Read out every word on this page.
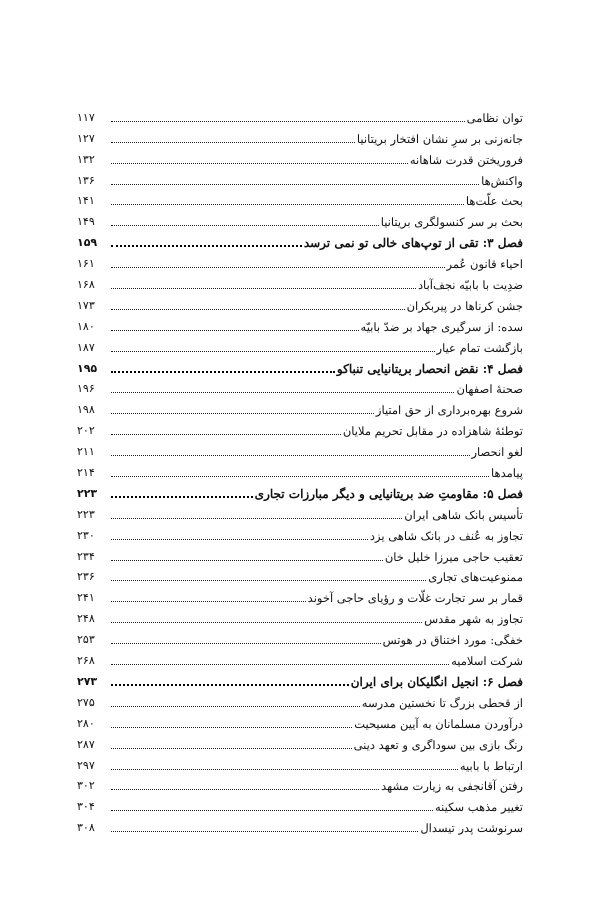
توان نظامی
۱۱۷
جانه‌زنی بر سرِ نشان افتخار بریتانیا
۱۲۷
فروریختن قدرت شاهانه
۱۳۲
واکنش‌ها
۱۳۶
بحث علّت‌ها
۱۴۱
بحث بر سر کنسولگری بریتانیا
۱۴۹
فصل ۳: تقی از توپ‌های خالی تو نمی ترسد
۱۵۹
احیاء قانون عُمر
۱۶۱
ضدِیت با بابیّه نجف‌آباد
۱۶۸
جشن کرناها در پیربکران
۱۷۳
سده: از سرگیری جهاد بر ضدّ بابیّه
۱۸۰
بازگشت تمام عیار
۱۸۷
فصل ۴: نقض انحصار بریتانیایی تنباکو
۱۹۵
صحنهٔ اصفهان
۱۹۶
شروع بهره‌برداری از حق امتیاز
۱۹۸
توطئهٔ شاهزاده در مقابل تحریم ملایان
۲۰۲
لغو انحصار
۲۱۱
پیامدها
۲۱۴
فصل ۵: مقاومتِ ضد بریتانیایی و دیگر مبارزات تجاری
۲۲۳
تأسیس بانک شاهی ایران
۲۲۳
تجاوز به عُنف در بانک شاهی یزد
۲۳۰
تعقیب حاجی میرزا خلیل خان
۲۳۴
ممنوعیت‌های تجاری
۲۳۶
قمار بر سر تجارت غلّات و رؤیای حاجی آخوند
۲۴۱
تجاوز به شهر مقدس
۲۴۸
خفگی: مورد اختناق در هوتس
۲۵۳
شرکت اسلامیه
۲۶۸
فصل ۶: انجیل انگلیکان برای ایران
۲۷۳
از قحطی بزرگ تا نخستین مدرسه
۲۷۵
درآوردن مسلمانان به آیین مسیحیت
۲۸۰
رنگ بازی بین سوداگری و تعهد دینی
۲۸۷
ارتباط با بابیه
۲۹۷
رفتن آقانجفی به زیارت مشهد
۳۰۲
تغییر مذهب سکینه
۳۰۴
سرنوشت پدر تیسدال
۳۰۸
